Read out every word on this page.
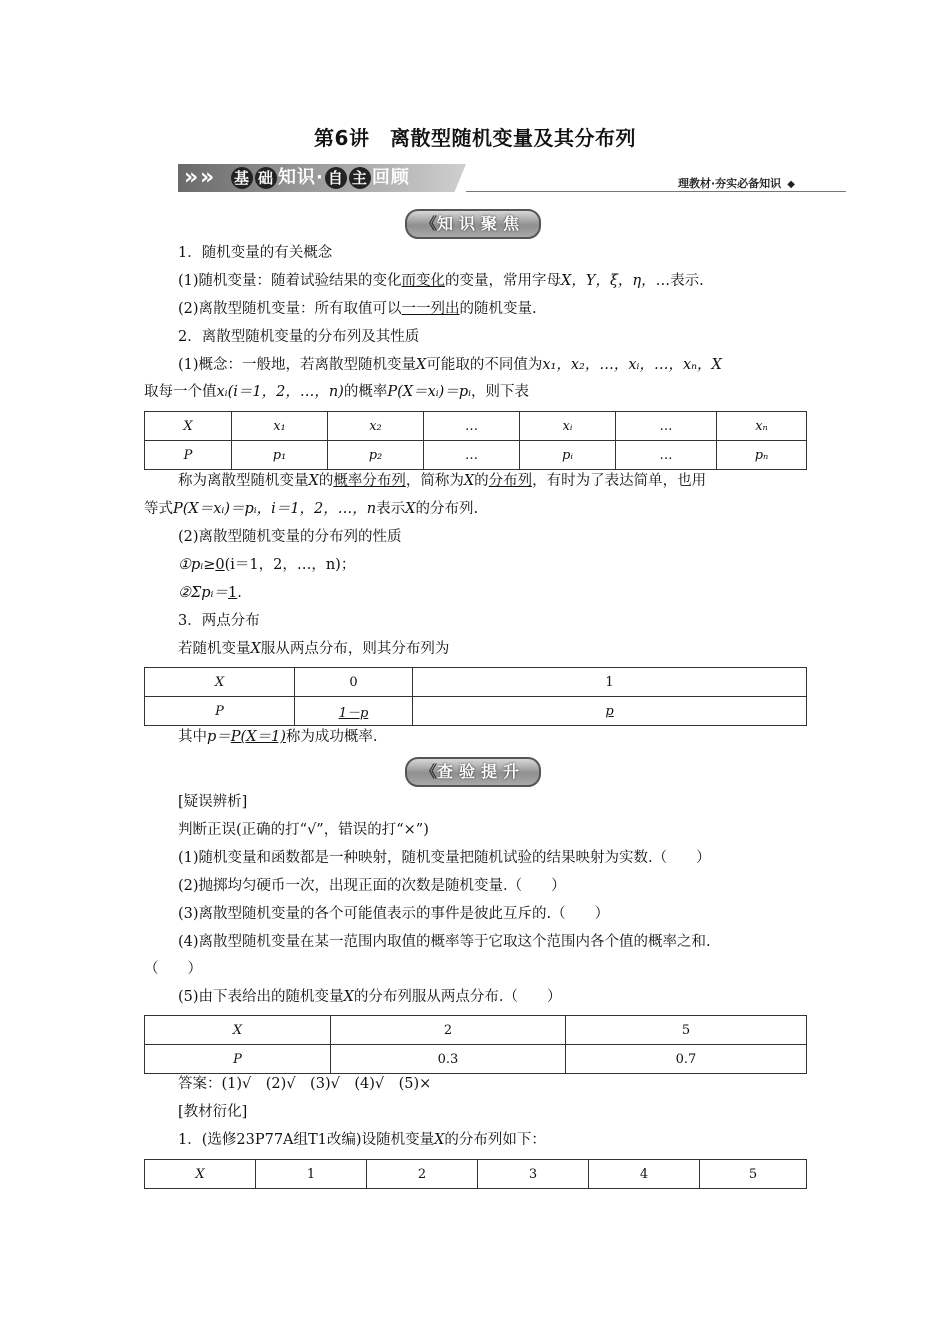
第6讲　离散型随机变量及其分布列
» » 基 础 知识· 自 主 回顾	理教材·夯实必备知识 ◆
《知识聚焦
1．随机变量的有关概念
(1)随机变量：随着试验结果的变化而变化的变量，常用字母X，Y，ξ，η，…表示.
(2)离散型随机变量：所有取值可以一一列出的随机变量.
2．离散型随机变量的分布列及其性质
(1)概念：一般地，若离散型随机变量X可能取的不同值为x₁，x₂，…，xᵢ，…，xₙ，X
取每一个值xᵢ(i＝1，2，…，n)的概率P(X＝xᵢ)＝pᵢ，则下表
X	x₁	x₂	…	xᵢ	…	xₙ
P	p₁	p₂	…	pᵢ	…	pₙ
称为离散型随机变量X的概率分布列，简称为X的分布列，有时为了表达简单，也用
等式P(X＝xᵢ)＝pᵢ，i＝1，2，…，n表示X的分布列.
(2)离散型随机变量的分布列的性质
①pᵢ≥0(i＝1，2，…，n)；
②Σpᵢ＝1.
3．两点分布
若随机变量X服从两点分布，则其分布列为
X	0	1
P	1－p	p
其中p＝P(X＝1)称为成功概率.
《查验提升
[疑误辨析]
判断正误(正确的打“√”，错误的打“×”)
(1)随机变量和函数都是一种映射，随机变量把随机试验的结果映射为实数.（　　）
(2)抛掷均匀硬币一次，出现正面的次数是随机变量.（　　）
(3)离散型随机变量的各个可能值表示的事件是彼此互斥的.（　　）
(4)离散型随机变量在某一范围内取值的概率等于它取这个范围内各个值的概率之和.
（　　）
(5)由下表给出的随机变量X的分布列服从两点分布.（　　）
X	2	5
P	0.3	0.7
答案：(1)√　(2)√　(3)√　(4)√　(5)×
[教材衍化]
1．(选修23P77A组T1改编)设随机变量X的分布列如下：
X	1	2	3	4	5
